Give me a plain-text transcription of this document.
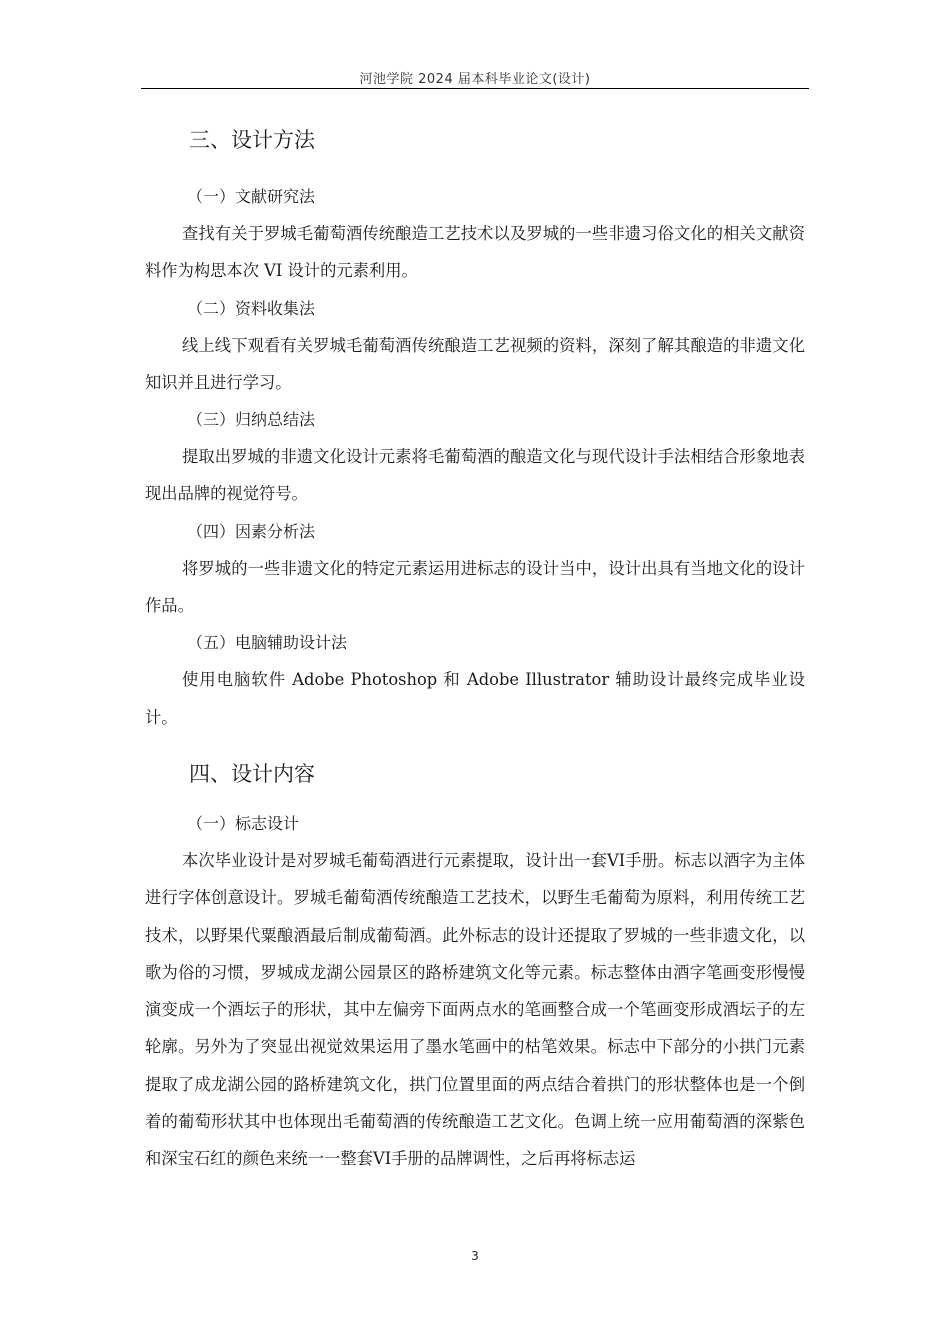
河池学院 2024 届本科毕业论文(设计)
三、设计方法
（一）文献研究法

查找有关于罗城毛葡萄酒传统酿造工艺技术以及罗城的一些非遗习俗文化的相关文献资料作为构思本次 VI 设计的元素利用。

（二）资料收集法

线上线下观看有关罗城毛葡萄酒传统酿造工艺视频的资料，深刻了解其酿造的非遗文化知识并且进行学习。

（三）归纳总结法

提取出罗城的非遗文化设计元素将毛葡萄酒的酿造文化与现代设计手法相结合形象地表现出品牌的视觉符号。

（四）因素分析法

将罗城的一些非遗文化的特定元素运用进标志的设计当中，设计出具有当地文化的设计作品。

（五）电脑辅助设计法

使用电脑软件 Adobe Photoshop 和 Adobe Illustrator 辅助设计最终完成毕业设计。

四、设计内容
（一）标志设计

本次毕业设计是对罗城毛葡萄酒进行元素提取，设计出一套VI手册。标志以酒字为主体进行字体创意设计。罗城毛葡萄酒传统酿造工艺技术，以野生毛葡萄为原料，利用传统工艺技术，以野果代粟酿酒最后制成葡萄酒。此外标志的设计还提取了罗城的一些非遗文化，以歌为俗的习惯，罗城成龙湖公园景区的路桥建筑文化等元素。标志整体由酒字笔画变形慢慢演变成一个酒坛子的形状，其中左偏旁下面两点水的笔画整合成一个笔画变形成酒坛子的左轮廓。另外为了突显出视觉效果运用了墨水笔画中的枯笔效果。标志中下部分的小拱门元素提取了成龙湖公园的路桥建筑文化，拱门位置里面的两点结合着拱门的形状整体也是一个倒着的葡萄形状其中也体现出毛葡萄酒的传统酿造工艺文化。色调上统一应用葡萄酒的深紫色和深宝石红的颜色来统一一整套VI手册的品牌调性，之后再将标志运

3
